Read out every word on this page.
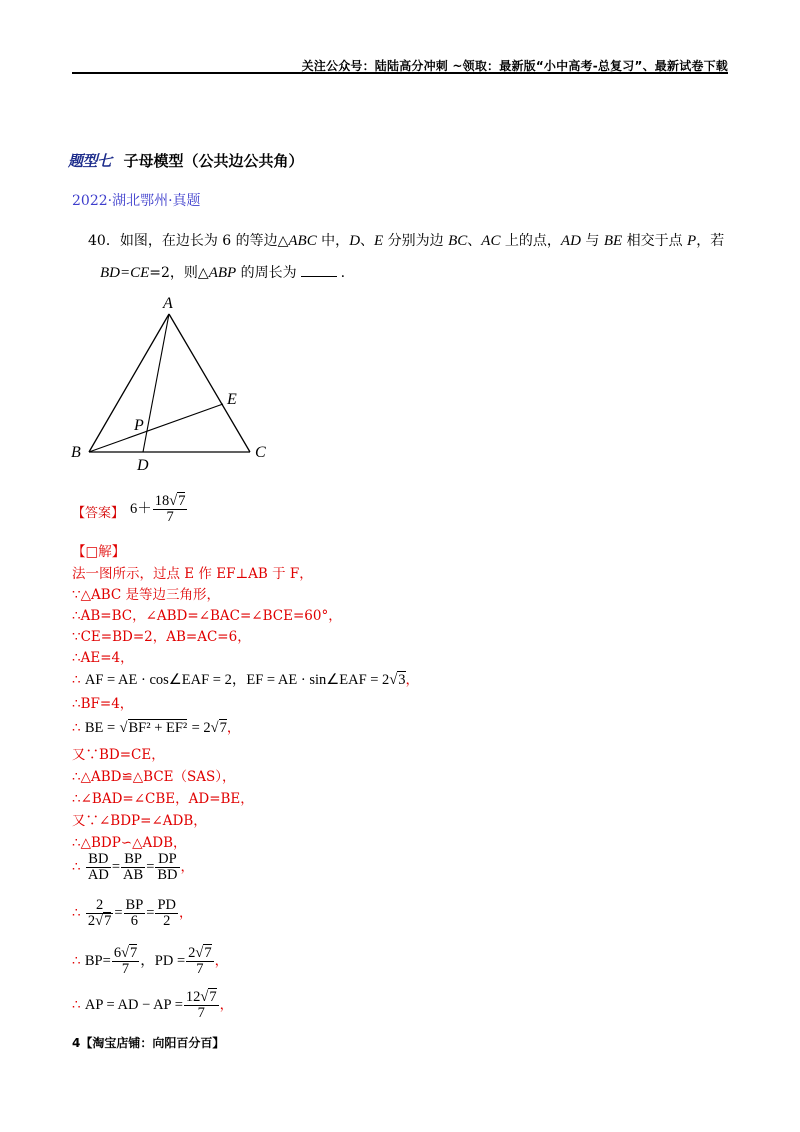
关注公众号：陆陆高分冲刺 ~领取：最新版“小中高考-总复习”、最新试卷下载
题型七 子母模型（公共边公共角）
2022·湖北鄂州·真题
40．如图，在边长为 6 的等边△ABC 中，D、E 分别为边 BC、AC 上的点，AD 与 BE 相交于点 P，若
BD=CE=2，则△ABP 的周长为	.
A
B	C
D
E
P
【答案】 $6+ \frac{18√7}{7}$
【□解】
法一图所示，过点 E 作 EF⊥AB 于 F，
∵△ABC 是等边三角形，
∴AB=BC，∠ABD=∠BAC=∠BCE=60°，
∵CE=BD=2，AB=AC=6，
∴AE=4，
∴ AF = AE · cos∠EAF = 2，EF = AE · sin∠EAF = 2√3，
∴BF=4，
∴ BE = √BF² + EF² = 2√7，
又∵BD=CE，
∴△ABD≌△BCE（SAS），
∴∠BAD=∠CBE，AD=BE，
又∵∠BDP=∠ADB，
∴△BDP∽△ADB，
∴ $\frac{BD}{AD} = \frac{BP}{AB} = \frac{DP}{BD}$ ，
∴ $\frac{2}{2√7} = \frac{BP}{6} = \frac{PD}{2}$ ，
∴ $BP= \frac{6√7}{7}$ ，PD = $\frac{2√7}{7}$ ，
∴ AP = AD − AP = $\frac{12√7}{7}$ ，
4【淘宝店铺：向阳百分百】
